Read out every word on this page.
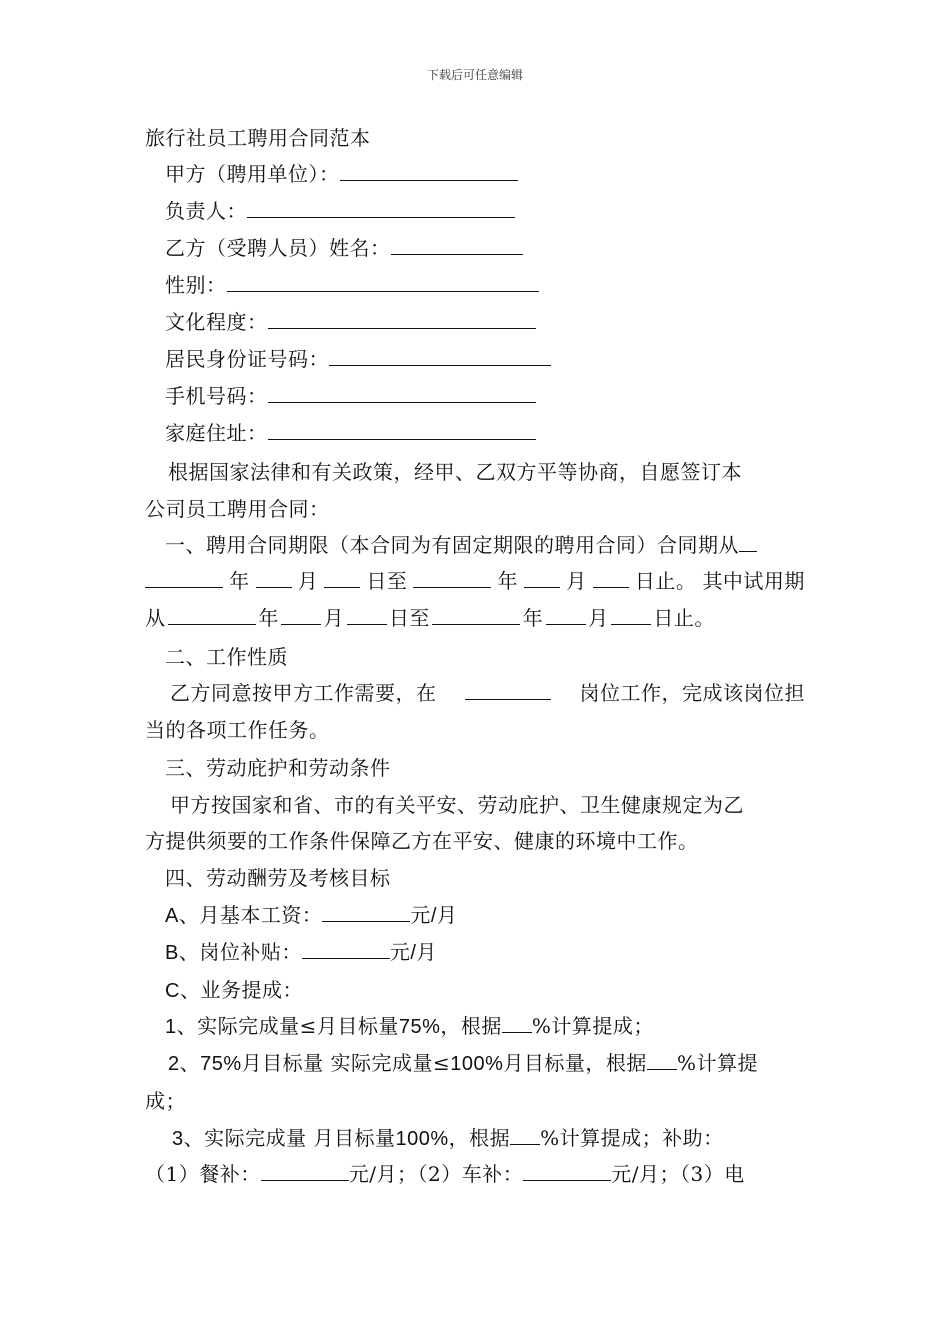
下载后可任意编辑
旅行社员工聘用合同范本
甲方（聘用单位）：
负责人：
乙方（受聘人员）姓名：
性别：
文化程度：
居民身份证号码：
手机号码：
家庭住址：
根据国家法律和有关政策，经甲、乙双方平等协商，自愿签订本
公司员工聘用合同：
一、聘用合同期限（本合同为有固定期限的聘用合同）合同期从
年 月 日至	年 月 日止。 其中试用期
从	年 月 日至	年 月 日止。
二、工作性质
乙方同意按甲方工作需要，在	岗位工作，完成该岗位担
当的各项工作任务。
三、劳动庇护和劳动条件
甲方按国家和省、市的有关平安、劳动庇护、卫生健康规定为乙
方提供须要的工作条件保障乙方在平安、健康的环境中工作。
四、劳动酬劳及考核目标
A、月基本工资：	元/月
B、岗位补贴：	元/月
C、业务提成：
1、实际完成量≤月目标量75%，根据 %计算提成；
2、75%月目标量 实际完成量≤100%月目标量，根据 %计算提
成；
3、实际完成量 月目标量100%，根据 %计算提成；补助：
（1）餐补：	元/月；（2）车补：	元/月；（3）电
